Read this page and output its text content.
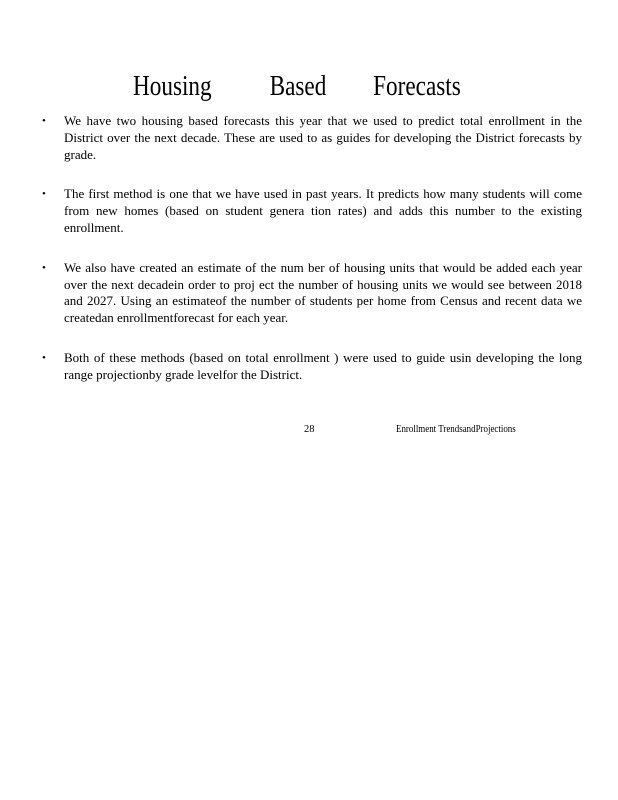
Housing Based Forecasts
• We have two housing based forecasts this year that we used to predict total enrollment in the District over the next decade. These are used to as guides for developing the District forecasts by grade.
• The first method is one that we have used in past years. It predicts how many students will come from new homes (based on student genera tion rates) and adds this number to the existing enrollment.
• We also have created an estimate of the num ber of housing units that would be added each year over the next decadein order to proj ect the number of housing units we would see between 2018 and 2027. Using an estimateof the number of students per home from Census and recent data we createdan enrollmentforecast for each year.
• Both of these methods (based on total enrollment ) were used to guide usin developing the long range projectionby grade levelfor the District.
28	Enrollment TrendsandProjections
